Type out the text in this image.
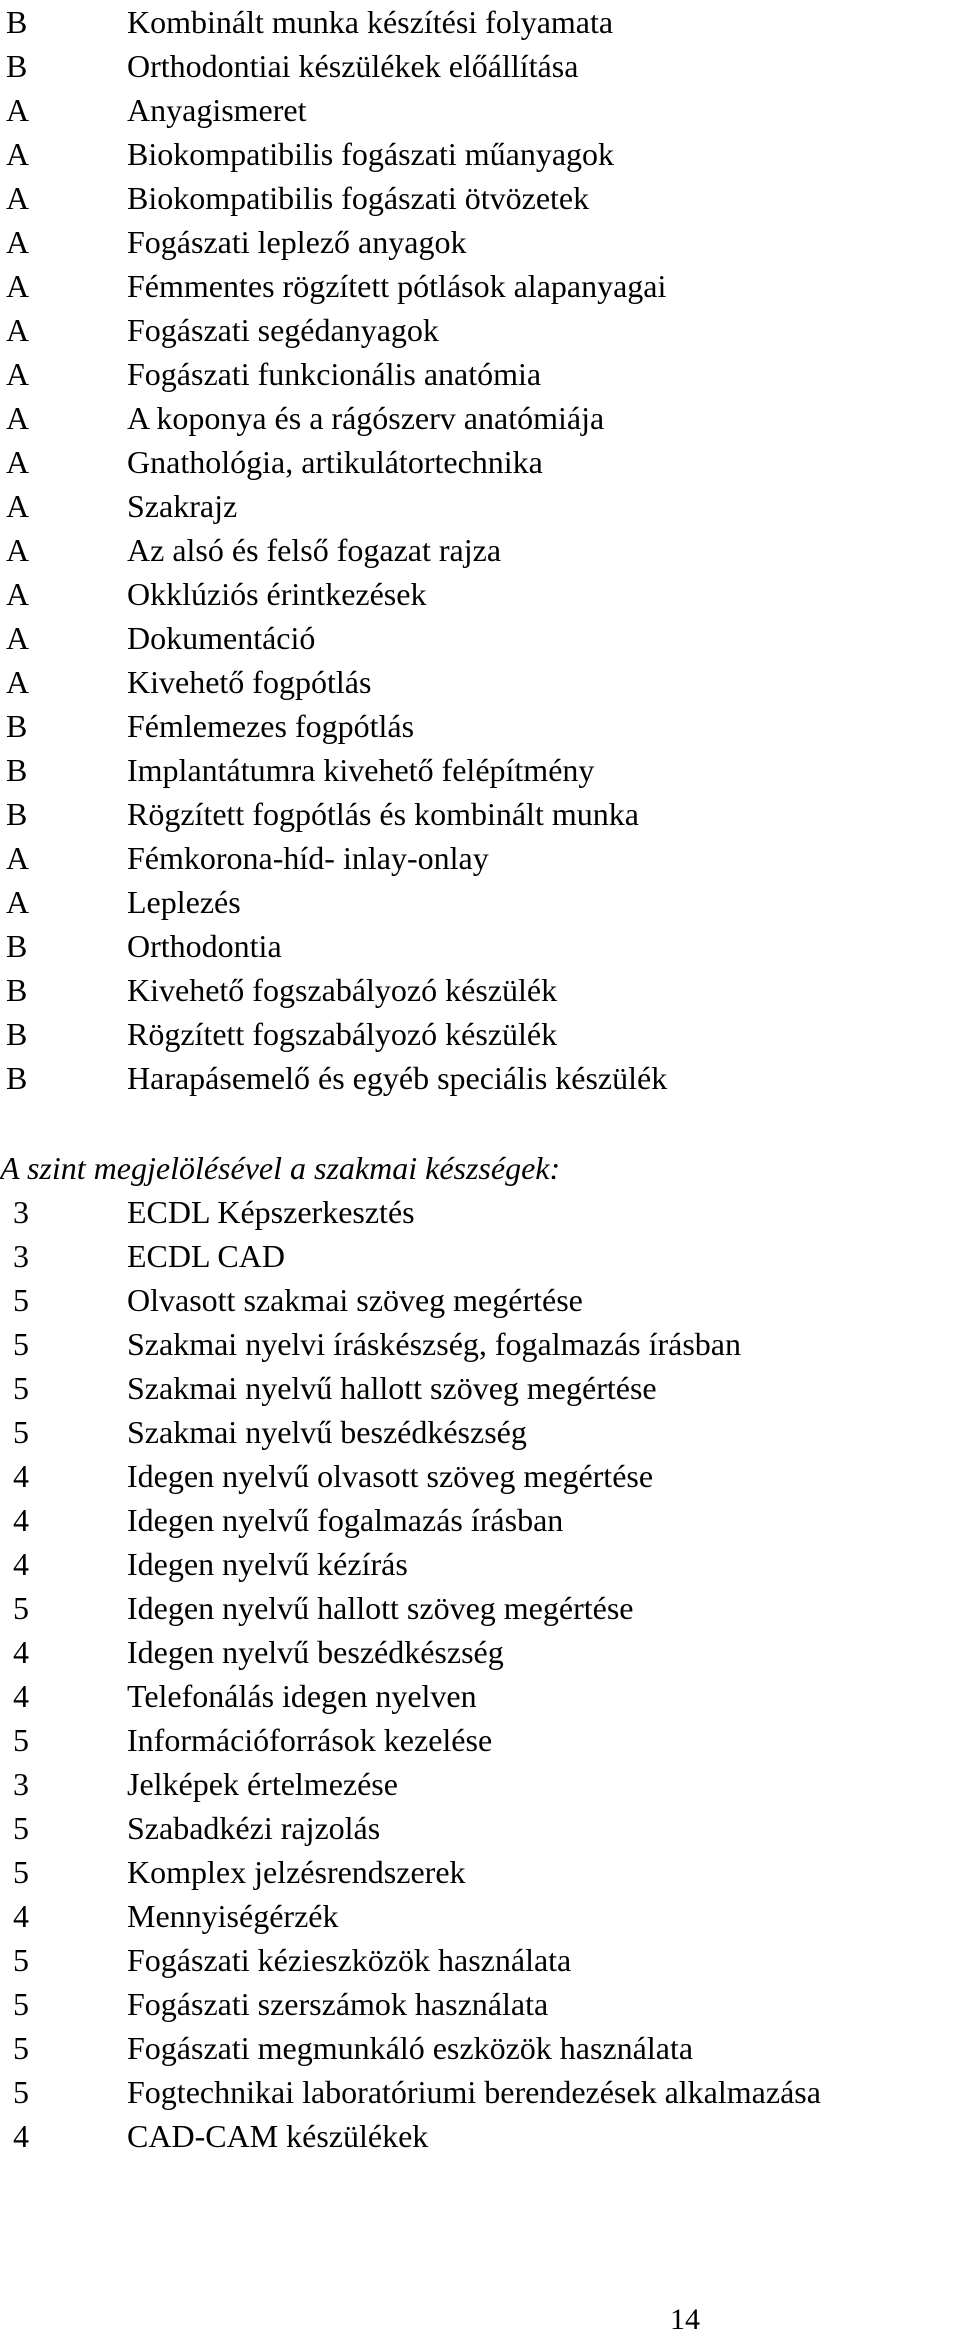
B	Kombinált munka készítési folyamata
B	Orthodontiai készülékek előállítása
A	Anyagismeret
A	Biokompatibilis fogászati műanyagok
A	Biokompatibilis fogászati ötvözetek
A	Fogászati leplező anyagok
A	Fémmentes rögzített pótlások alapanyagai
A	Fogászati segédanyagok
A	Fogászati funkcionális anatómia
A	A koponya és a rágószerv anatómiája
A	Gnathológia, artikulátortechnika
A	Szakrajz
A	Az alsó és felső fogazat rajza
A	Okklúziós érintkezések
A	Dokumentáció
A	Kivehető fogpótlás
B	Fémlemezes fogpótlás
B	Implantátumra kivehető felépítmény
B	Rögzített fogpótlás és kombinált munka
A	Fémkorona-híd- inlay-onlay
A	Leplezés
B	Orthodontia
B	Kivehető fogszabályozó készülék
B	Rögzített fogszabályozó készülék
B	Harapásemelő és egyéb speciális készülék
A szint megjelölésével a szakmai készségek:
3	ECDL Képszerkesztés
3	ECDL CAD
5	Olvasott szakmai szöveg megértése
5	Szakmai nyelvi íráskészség, fogalmazás írásban
5	Szakmai nyelvű hallott szöveg megértése
5	Szakmai nyelvű beszédkészség
4	Idegen nyelvű olvasott szöveg megértése
4	Idegen nyelvű fogalmazás írásban
4	Idegen nyelvű kézírás
5	Idegen nyelvű hallott szöveg megértése
4	Idegen nyelvű beszédkészség
4	Telefonálás idegen nyelven
5	Információforrások kezelése
3	Jelképek értelmezése
5	Szabadkézi rajzolás
5	Komplex jelzésrendszerek
4	Mennyiségérzék
5	Fogászati kézieszközök használata
5	Fogászati szerszámok használata
5	Fogászati megmunkáló eszközök használata
5	Fogtechnikai laboratóriumi berendezések alkalmazása
4	CAD-CAM készülékek
14
